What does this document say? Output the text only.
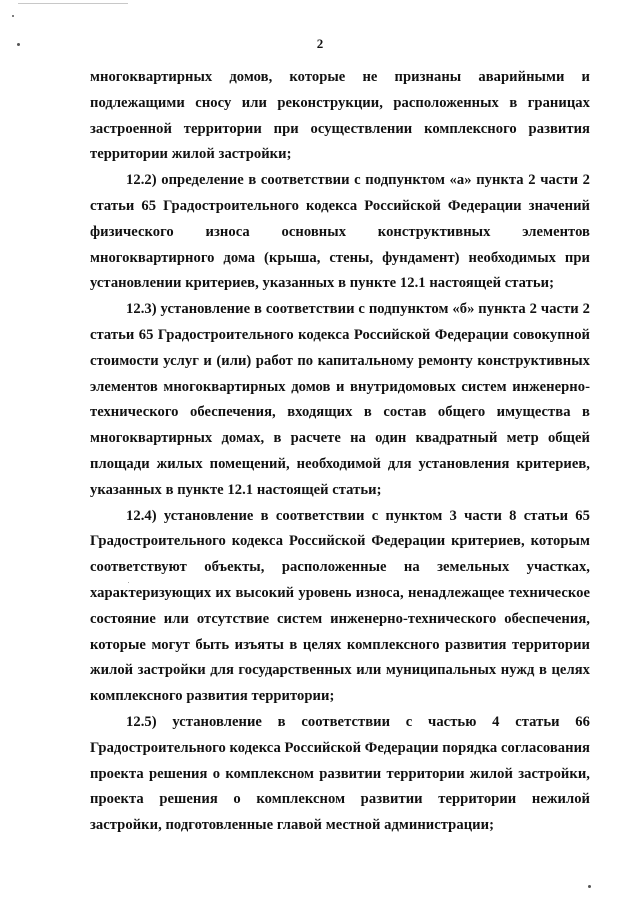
2

многоквартирных домов, которые не признаны аварийными и подлежащими сносу или реконструкции, расположенных в границах застроенной территории при осуществлении комплексного развития территории жилой застройки;

12.2) определение в соответствии с подпунктом «а» пункта 2 части 2 статьи 65 Градостроительного кодекса Российской Федерации значений физического износа основных конструктивных элементов многоквартирного дома (крыша, стены, фундамент) необходимых при установлении критериев, указанных в пункте 12.1 настоящей статьи;

12.3) установление в соответствии с подпунктом «б» пункта 2 части 2 статьи 65 Градостроительного кодекса Российской Федерации совокупной стоимости услуг и (или) работ по капитальному ремонту конструктивных элементов многоквартирных домов и внутридомовых систем инженерно-технического обеспечения, входящих в состав общего имущества в многоквартирных домах, в расчете на один квадратный метр общей площади жилых помещений, необходимой для установления критериев, указанных в пункте 12.1 настоящей статьи;

12.4) установление в соответствии с пунктом 3 части 8 статьи 65 Градостроительного кодекса Российской Федерации критериев, которым соответствуют объекты, расположенные на земельных участках, характеризующих их высокий уровень износа, ненадлежащее техническое состояние или отсутствие систем инженерно-технического обеспечения, которые могут быть изъяты в целях комплексного развития территории жилой застройки для государственных или муниципальных нужд в целях комплексного развития территории;

12.5) установление в соответствии с частью 4 статьи 66 Градостроительного кодекса Российской Федерации порядка согласования проекта решения о комплексном развитии территории жилой застройки, проекта решения о комплексном развитии территории нежилой застройки, подготовленные главой местной администрации;
